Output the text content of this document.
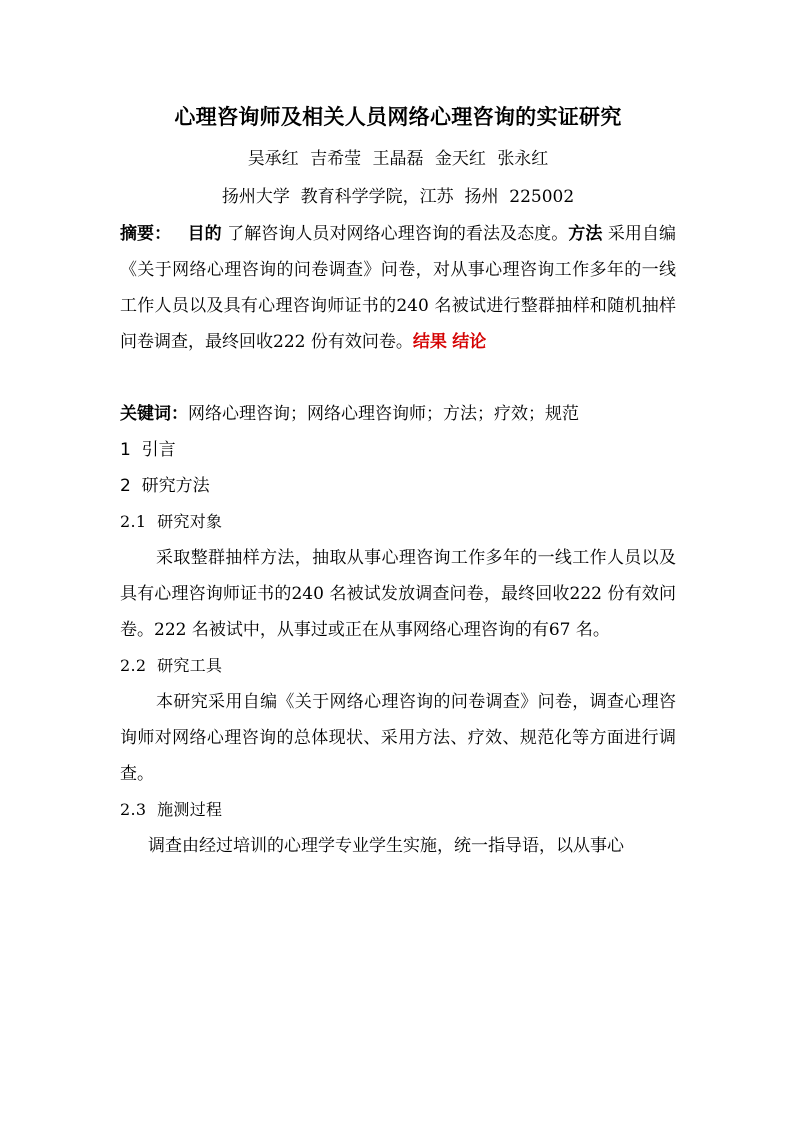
心理咨询师及相关人员网络心理咨询的实证研究

吴承红 吉希莹 王晶磊 金天红 张永红

扬州大学  教育科学学院，江苏  扬州  225002

摘要： 目的 了解咨询人员对网络心理咨询的看法及态度。方法 采用自编《关于网络心理咨询的问卷调查》问卷，对从事心理咨询工作多年的一线工作人员以及具有心理咨询师证书的240 名被试进行整群抽样和随机抽样问卷调查，最终回收222 份有效问卷。结果 结论

关键词：网络心理咨询；网络心理咨询师；方法；疗效；规范

1  引言

2  研究方法

2.1  研究对象

采取整群抽样方法，抽取从事心理咨询工作多年的一线工作人员以及具有心理咨询师证书的240 名被试发放调查问卷，最终回收222 份有效问卷。222 名被试中，从事过或正在从事网络心理咨询的有67 名。

2.2  研究工具

本研究采用自编《关于网络心理咨询的问卷调查》问卷，调查心理咨询师对网络心理咨询的总体现状、采用方法、疗效、规范化等方面进行调查。

2.3  施测过程

调查由经过培训的心理学专业学生实施，统一指导语，以从事心
